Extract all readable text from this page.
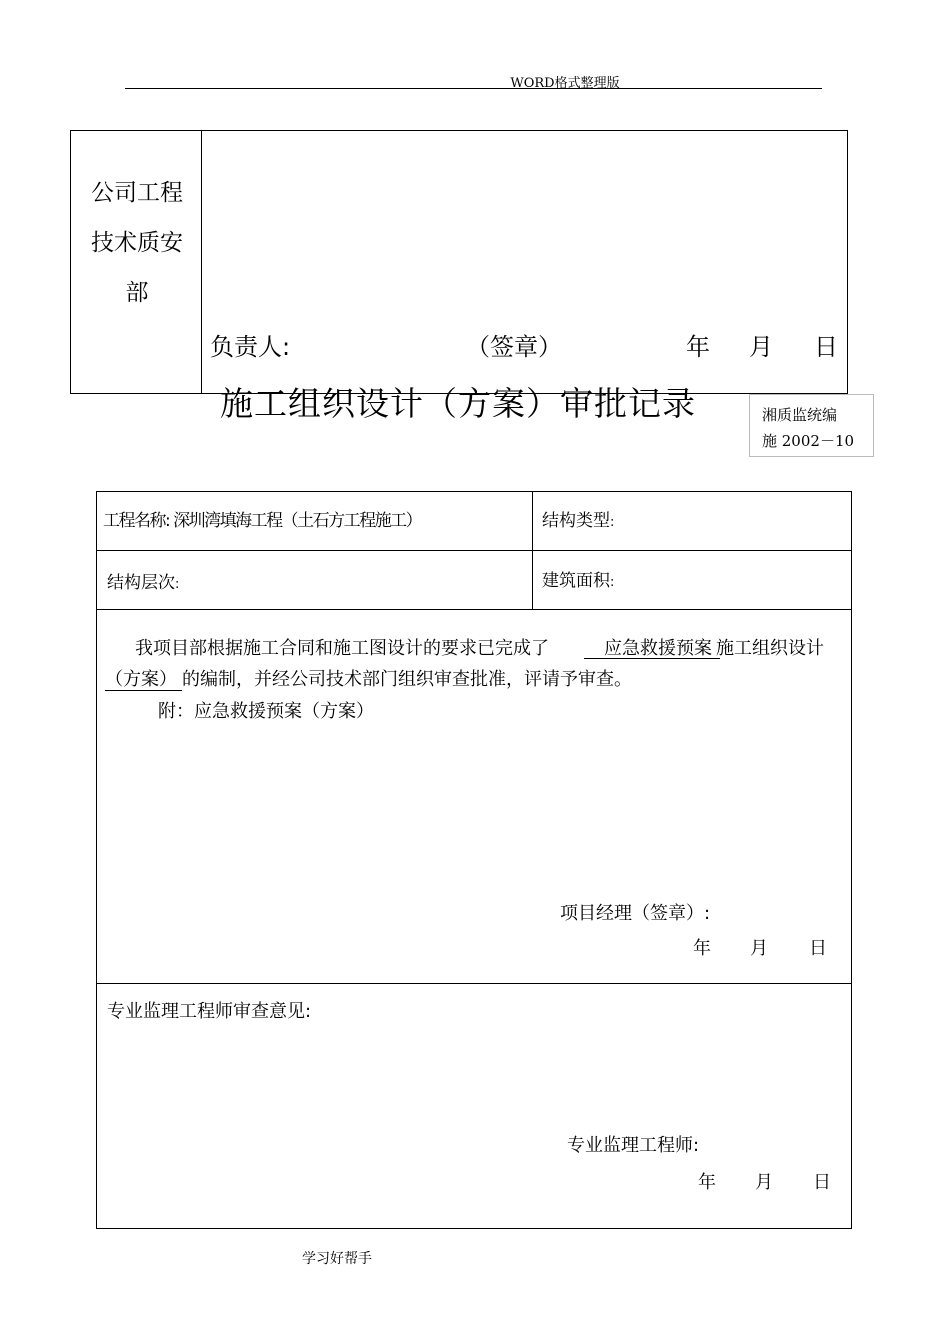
WORD格式整理版
公司工程
技术质安
部
负责人:	（签章）	年 月 日
施工组织设计（方案）审批记录	湘质监统编
施 2002－10
工程名称: 深圳湾填海工程（土石方工程施工）	结构类型:
结构层次:	建筑面积:
我项目部根据施工合同和施工图设计的要求已完成了	应急救援预案 施工组织设计
（方案） 的编制，并经公司技术部门组织审查批准，评请予审查。
附：应急救援预案（方案）
项目经理（签章）:
年 月 日
专业监理工程师审查意见:
专业监理工程师:
年 月 日
学习好帮手
